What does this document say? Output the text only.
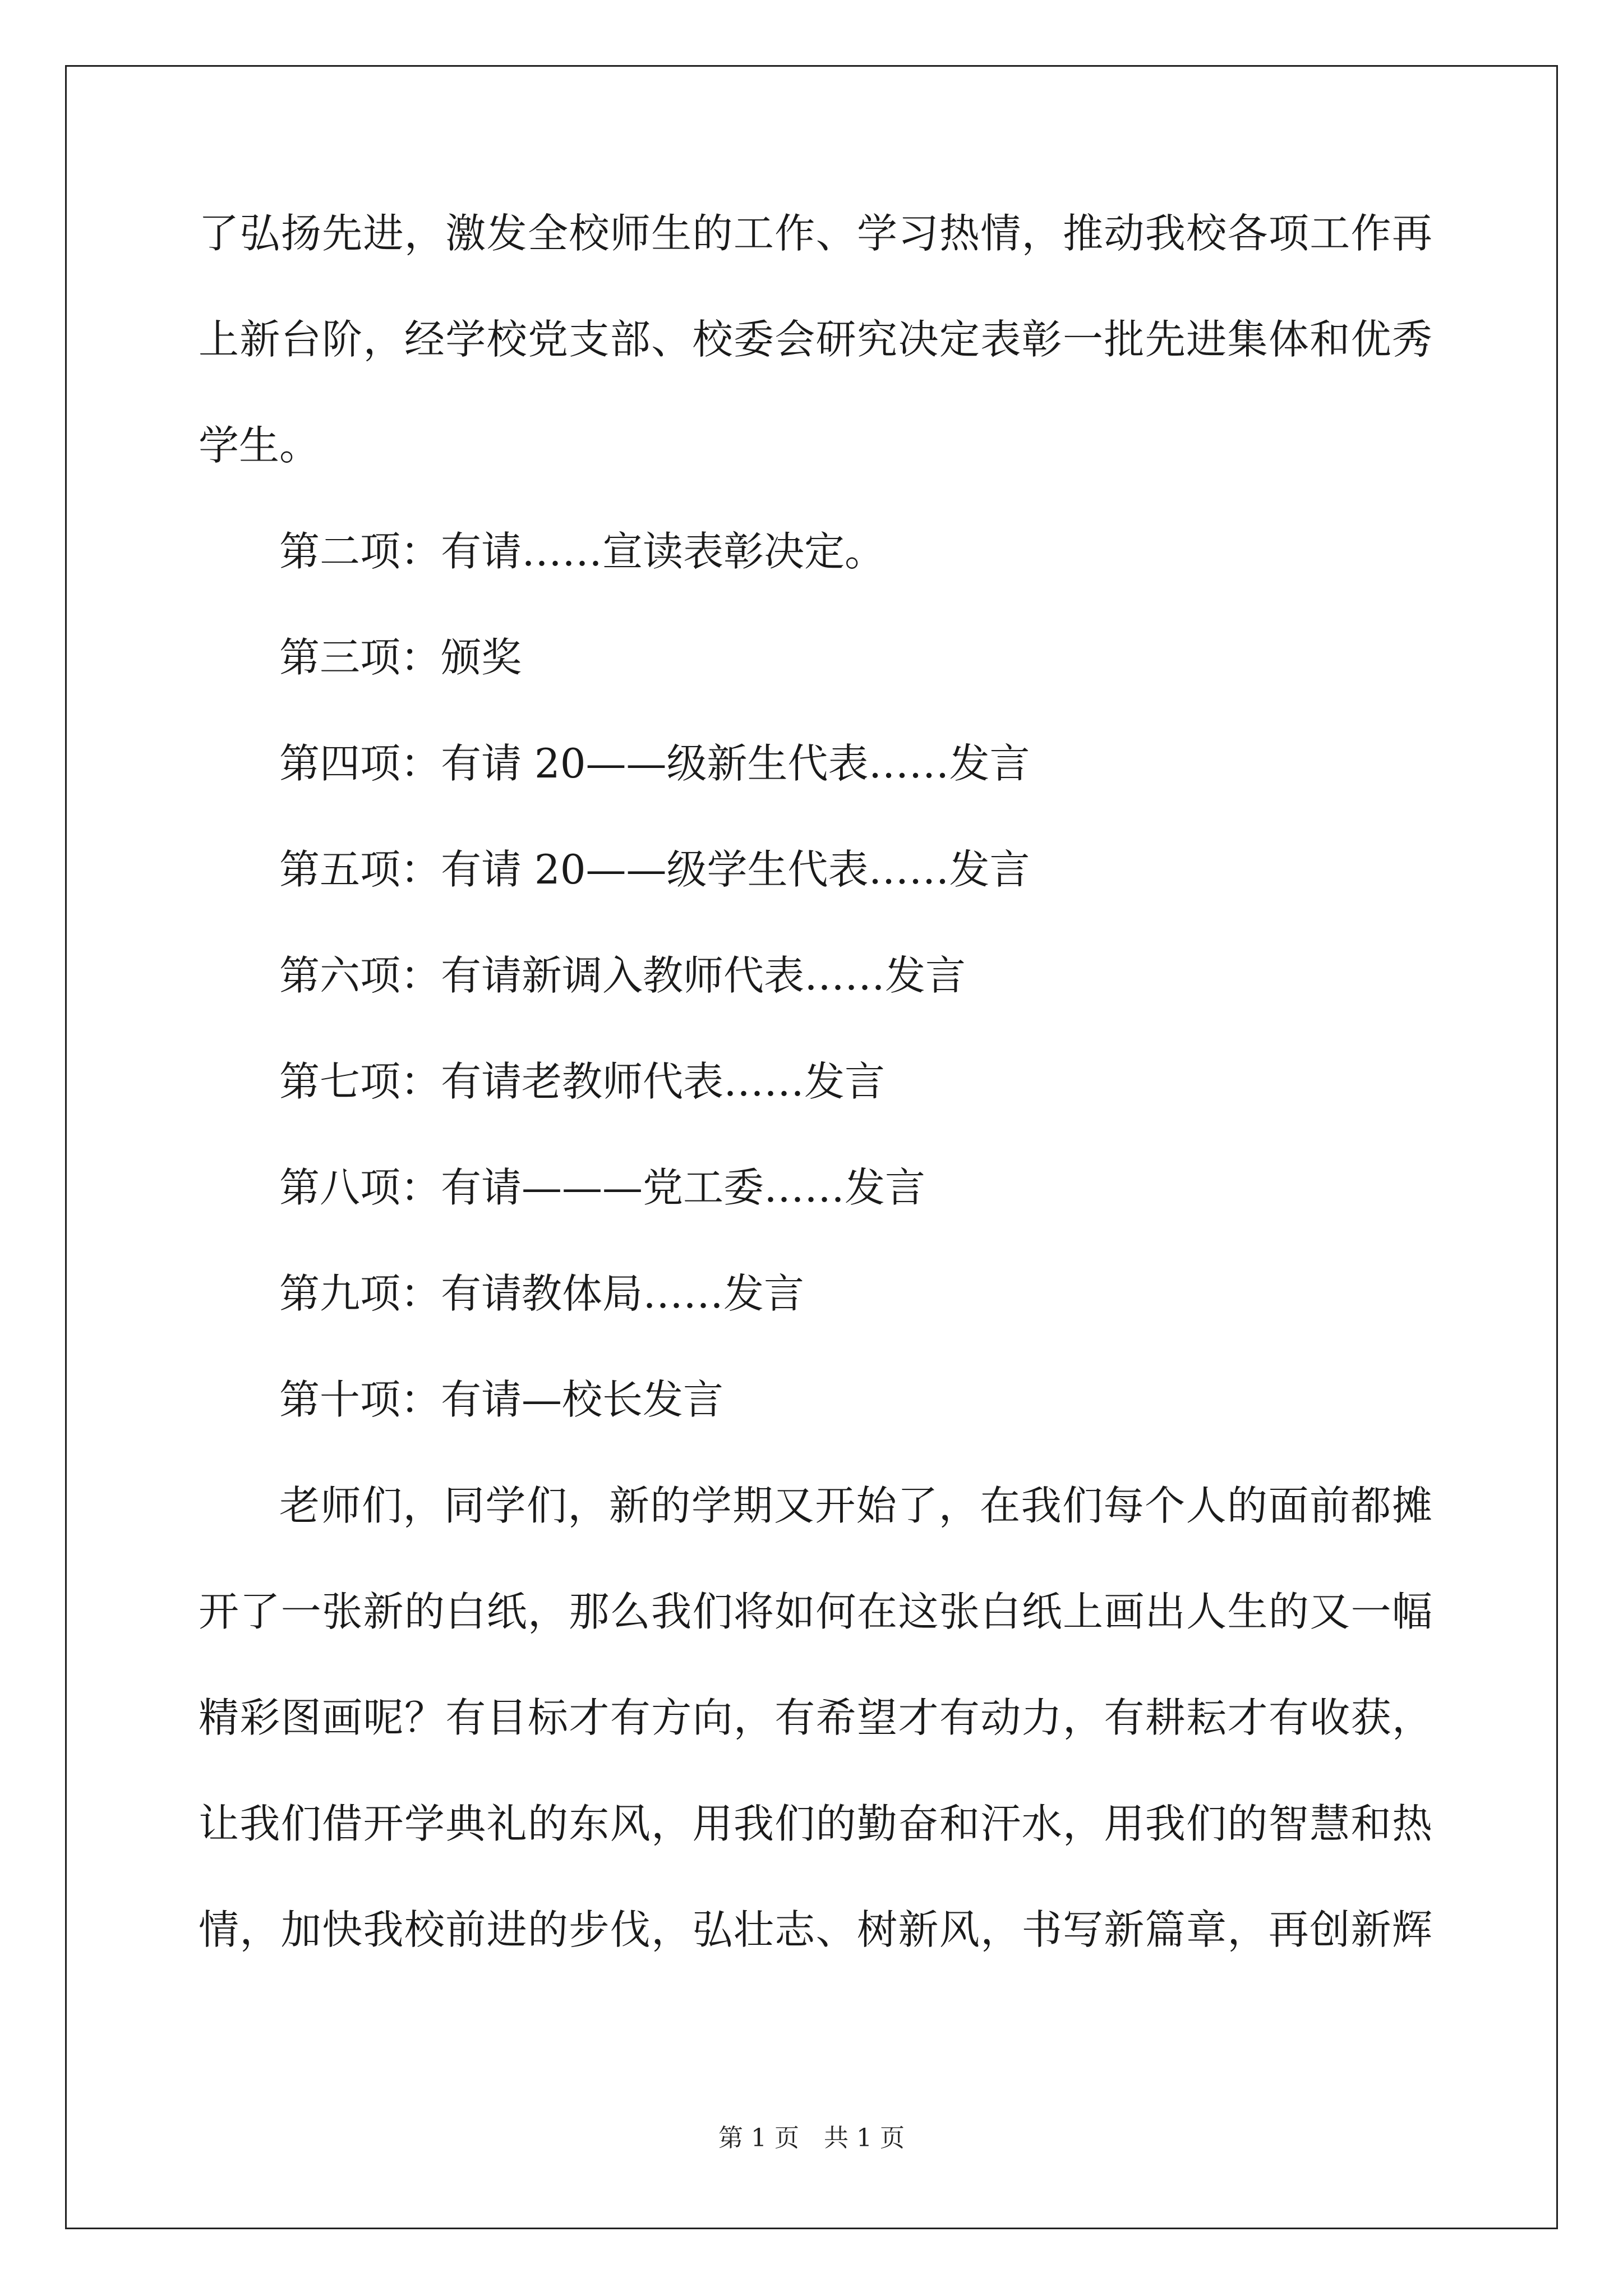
了弘扬先进，激发全校师生的工作、学习热情，推动我校各项工作再
上新台阶，经学校党支部、校委会研究决定表彰一批先进集体和优秀
学生。
第二项：有请……宣读表彰决定。
第三项：颁奖
第四项：有请 20——级新生代表……发言
第五项：有请 20——级学生代表……发言
第六项：有请新调入教师代表……发言
第七项：有请老教师代表……发言
第八项：有请———党工委……发言
第九项：有请教体局……发言
第十项：有请—校长发言
老师们，同学们，新的学期又开始了，在我们每个人的面前都摊
开了一张新的白纸，那么我们将如何在这张白纸上画出人生的又一幅
精彩图画呢？有目标才有方向，有希望才有动力，有耕耘才有收获，
让我们借开学典礼的东风，用我们的勤奋和汗水，用我们的智慧和热
情，加快我校前进的步伐，弘壮志、树新风，书写新篇章，再创新辉
第 1 页　共 1 页
